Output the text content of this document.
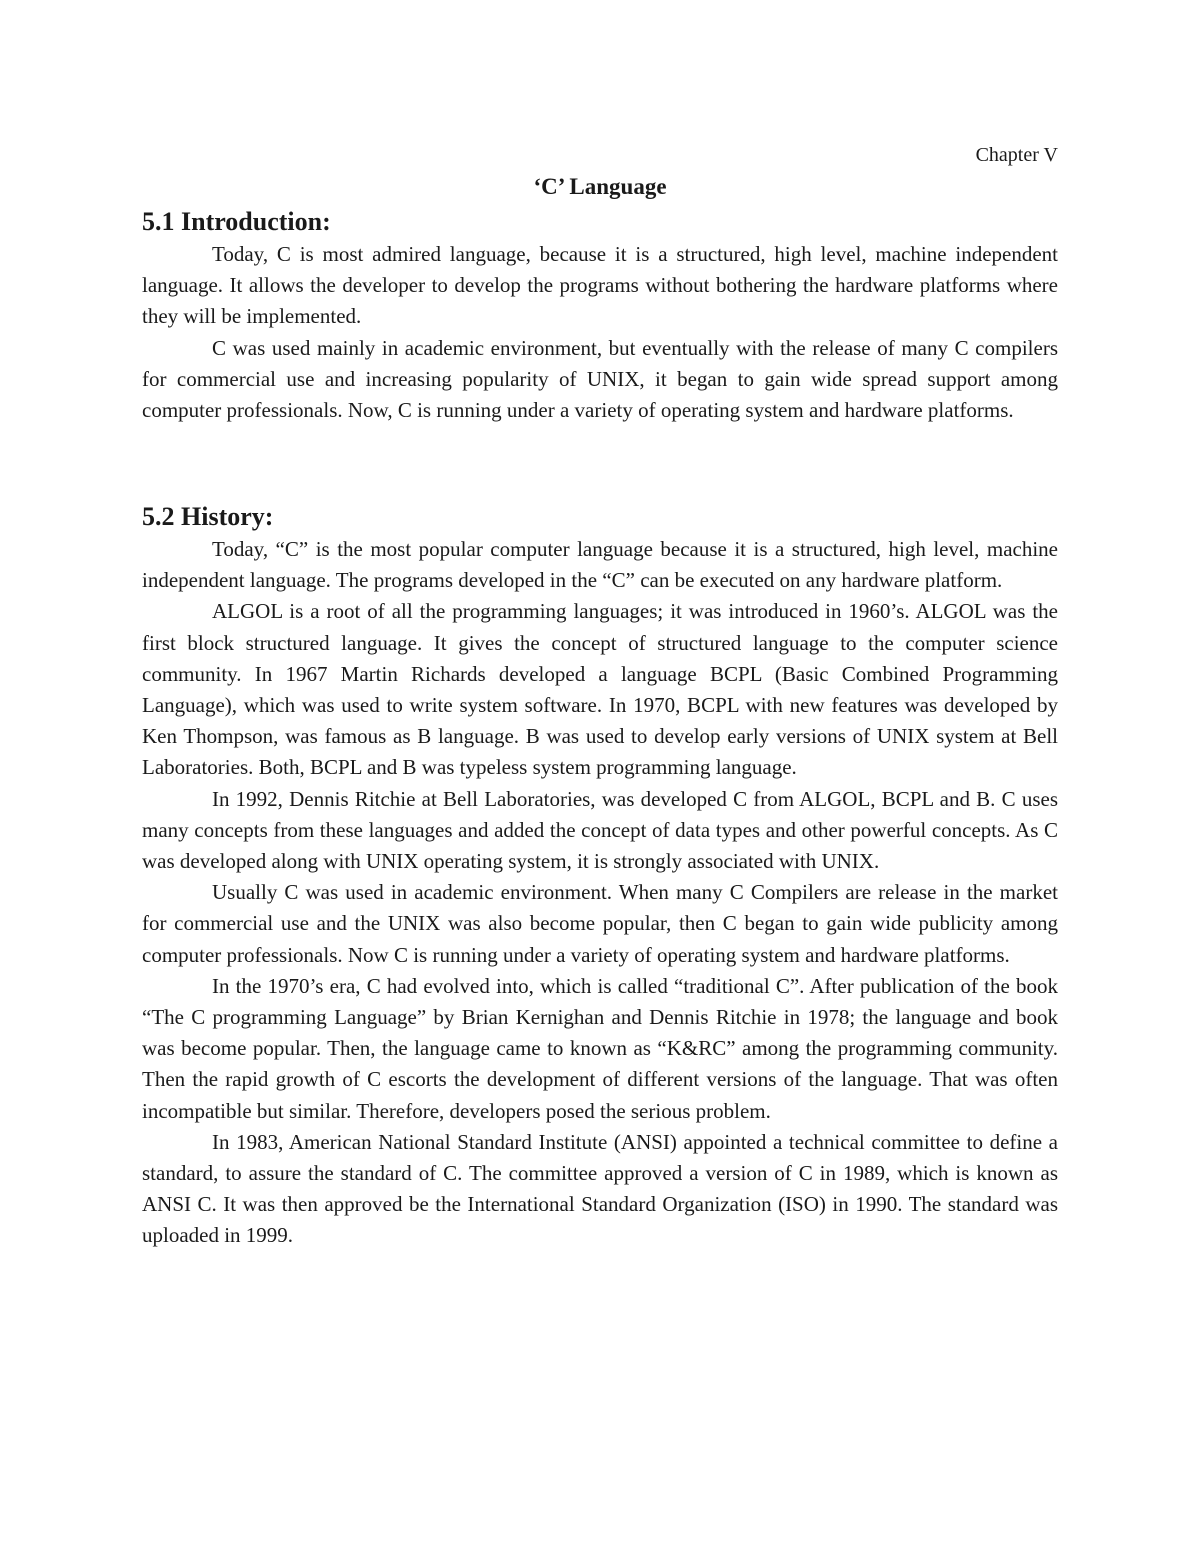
Chapter V
‘C’ Language
5.1 Introduction:

Today, C is most admired language, because it is a structured, high level, machine independent language. It allows the developer to develop the programs without bothering the hardware platforms where they will be implemented.

C was used mainly in academic environment, but eventually with the release of many C compilers for commercial use and increasing popularity of UNIX, it began to gain wide spread support among computer professionals. Now, C is running under a variety of operating system and hardware platforms.

5.2 History:

Today, “C” is the most popular computer language because it is a structured, high level, machine independent language. The programs developed in the “C” can be executed on any hardware platform.

ALGOL is a root of all the programming languages; it was introduced in 1960’s. ALGOL was the first block structured language. It gives the concept of structured language to the computer science community. In 1967 Martin Richards developed a language BCPL (Basic Combined Programming Language), which was used to write system software. In 1970, BCPL with new features was developed by Ken Thompson, was famous as B language. B was used to develop early versions of UNIX system at Bell Laboratories. Both, BCPL and B was typeless system programming language.

In 1992, Dennis Ritchie at Bell Laboratories, was developed C from ALGOL, BCPL and B. C uses many concepts from these languages and added the concept of data types and other powerful concepts. As C was developed along with UNIX operating system, it is strongly associated with UNIX.

Usually C was used in academic environment. When many C Compilers are release in the market for commercial use and the UNIX was also become popular, then C began to gain wide publicity among computer professionals. Now C is running under a variety of operating system and hardware platforms.

In the 1970’s era, C had evolved into, which is called “traditional C”. After publication of the book “The C programming Language” by Brian Kernighan and Dennis Ritchie in 1978; the language and book was become popular. Then, the language came to known as “K&RC” among the programming community. Then the rapid growth of C escorts the development of different versions of the language. That was often incompatible but similar. Therefore, developers posed the serious problem.

In 1983, American National Standard Institute (ANSI) appointed a technical committee to define a standard, to assure the standard of C. The committee approved a version of C in 1989, which is known as ANSI C. It was then approved be the International Standard Organization (ISO) in 1990. The standard was uploaded in 1999.
